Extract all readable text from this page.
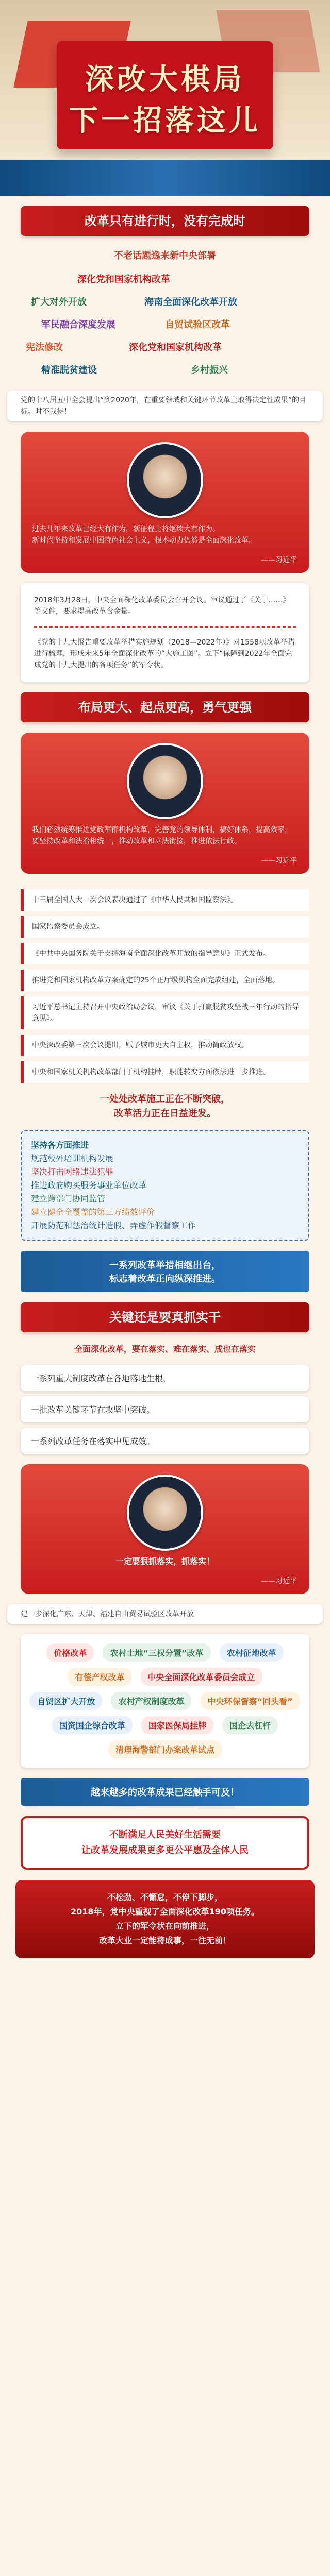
深改大棋局
下一招落这儿
改革只有进行时，没有完成时
不老话题逸来新中央部署
深化党和国家机构改革
扩大对外开放	海南全面深化改革开放
军民融合深度发展	自贸试验区改革
宪法修改	深化党和国家机构改革
精准脱贫建设	乡村振兴
党的十八届五中全会提出“到2020年，在重要领域和关键环节改革上取得决定性成果”的目标。时不我待！
过去几年来改革已经大有作为，新征程上将继续大有作为。
新时代坚持和发展中国特色社会主义，根本动力仍然是全面深化改革。
——习近平
2018年3月28日，中央全面深化改革委员会召开会议。审议通过了《关于……》等文件，要求提高改革含金量。
《党的十九大报告重要改革举措实施规划（2018—2022年）》对1558项改革举措进行梳理，形成未来5年全面深化改革的“大施工图”。立下“保障到2022年全面完成党的十九大提出的各项任务”的军令状。
布局更大、起点更高，勇气更强
我们必须统筹推进党政军群机构改革，完善党的领导体制，搞好体系，提高效率，要坚持改革和法治相统一，推动改革和立法衔接，推进依法行政。
——习近平
十三届全国人大一次会议表决通过了《中华人民共和国监察法》。
国家监察委员会成立。
《中共中央国务院关于支持海南全面深化改革开放的指导意见》正式发布。
推进党和国家机构改革方案确定的25个正厅级机构全面完成组建，全面落地。
习近平总书记主持召开中央政治局会议，审议《关于打赢脱贫攻坚战三年行动的指导意见》。
中央深改委第三次会议提出，赋予城市更大自主权，推动简政放权。
中央和国家机关机构改革部门于机构挂牌，职能转变方面依法进一步推进。
一处处改革施工正在不断突破，
改革活力正在日益迸发。
坚持各方面推进
规范校外培训机构发展
坚决打击网络违法犯罪
推进政府购买服务事业单位改革
建立跨部门协同监管
建立健全全覆盖的第三方绩效评价
开展防范和惩治统计造假、弄虚作假督察工作
一系列改革举措相继出台，
标志着改革正向纵深推进。
关键还是要真抓实干
全面深化改革，要在落实、难在落实、成也在落实
一系列重大制度改革在各地落地生根，
一批改革关键环节在攻坚中突破。
一系列改革任务在落实中见成效。
一定要狠抓落实，抓落实！
——习近平
建一步深化广东、天津、福建自由贸易试验区改革开放
价格改革	农村土地“三权分置”改革	农村征地改革 有偿产权改革	中央全面深化改革委员会成立 自贸区扩大开放	农村产权制度改革	中央环保督察“回头看” 国资国企综合改革	国家医保局挂牌	国企去杠杆 清理海警部门办案改革试点
越来越多的改革成果已经触手可及！
不断满足人民美好生活需要
让改革发展成果更多更公平惠及全体人民
不松劲、不懈怠，不停下脚步，
2018年，党中央重视了全面深化改革190项任务。
立下的军令状在向前推进，
改革大业一定能将成事，一往无前！
